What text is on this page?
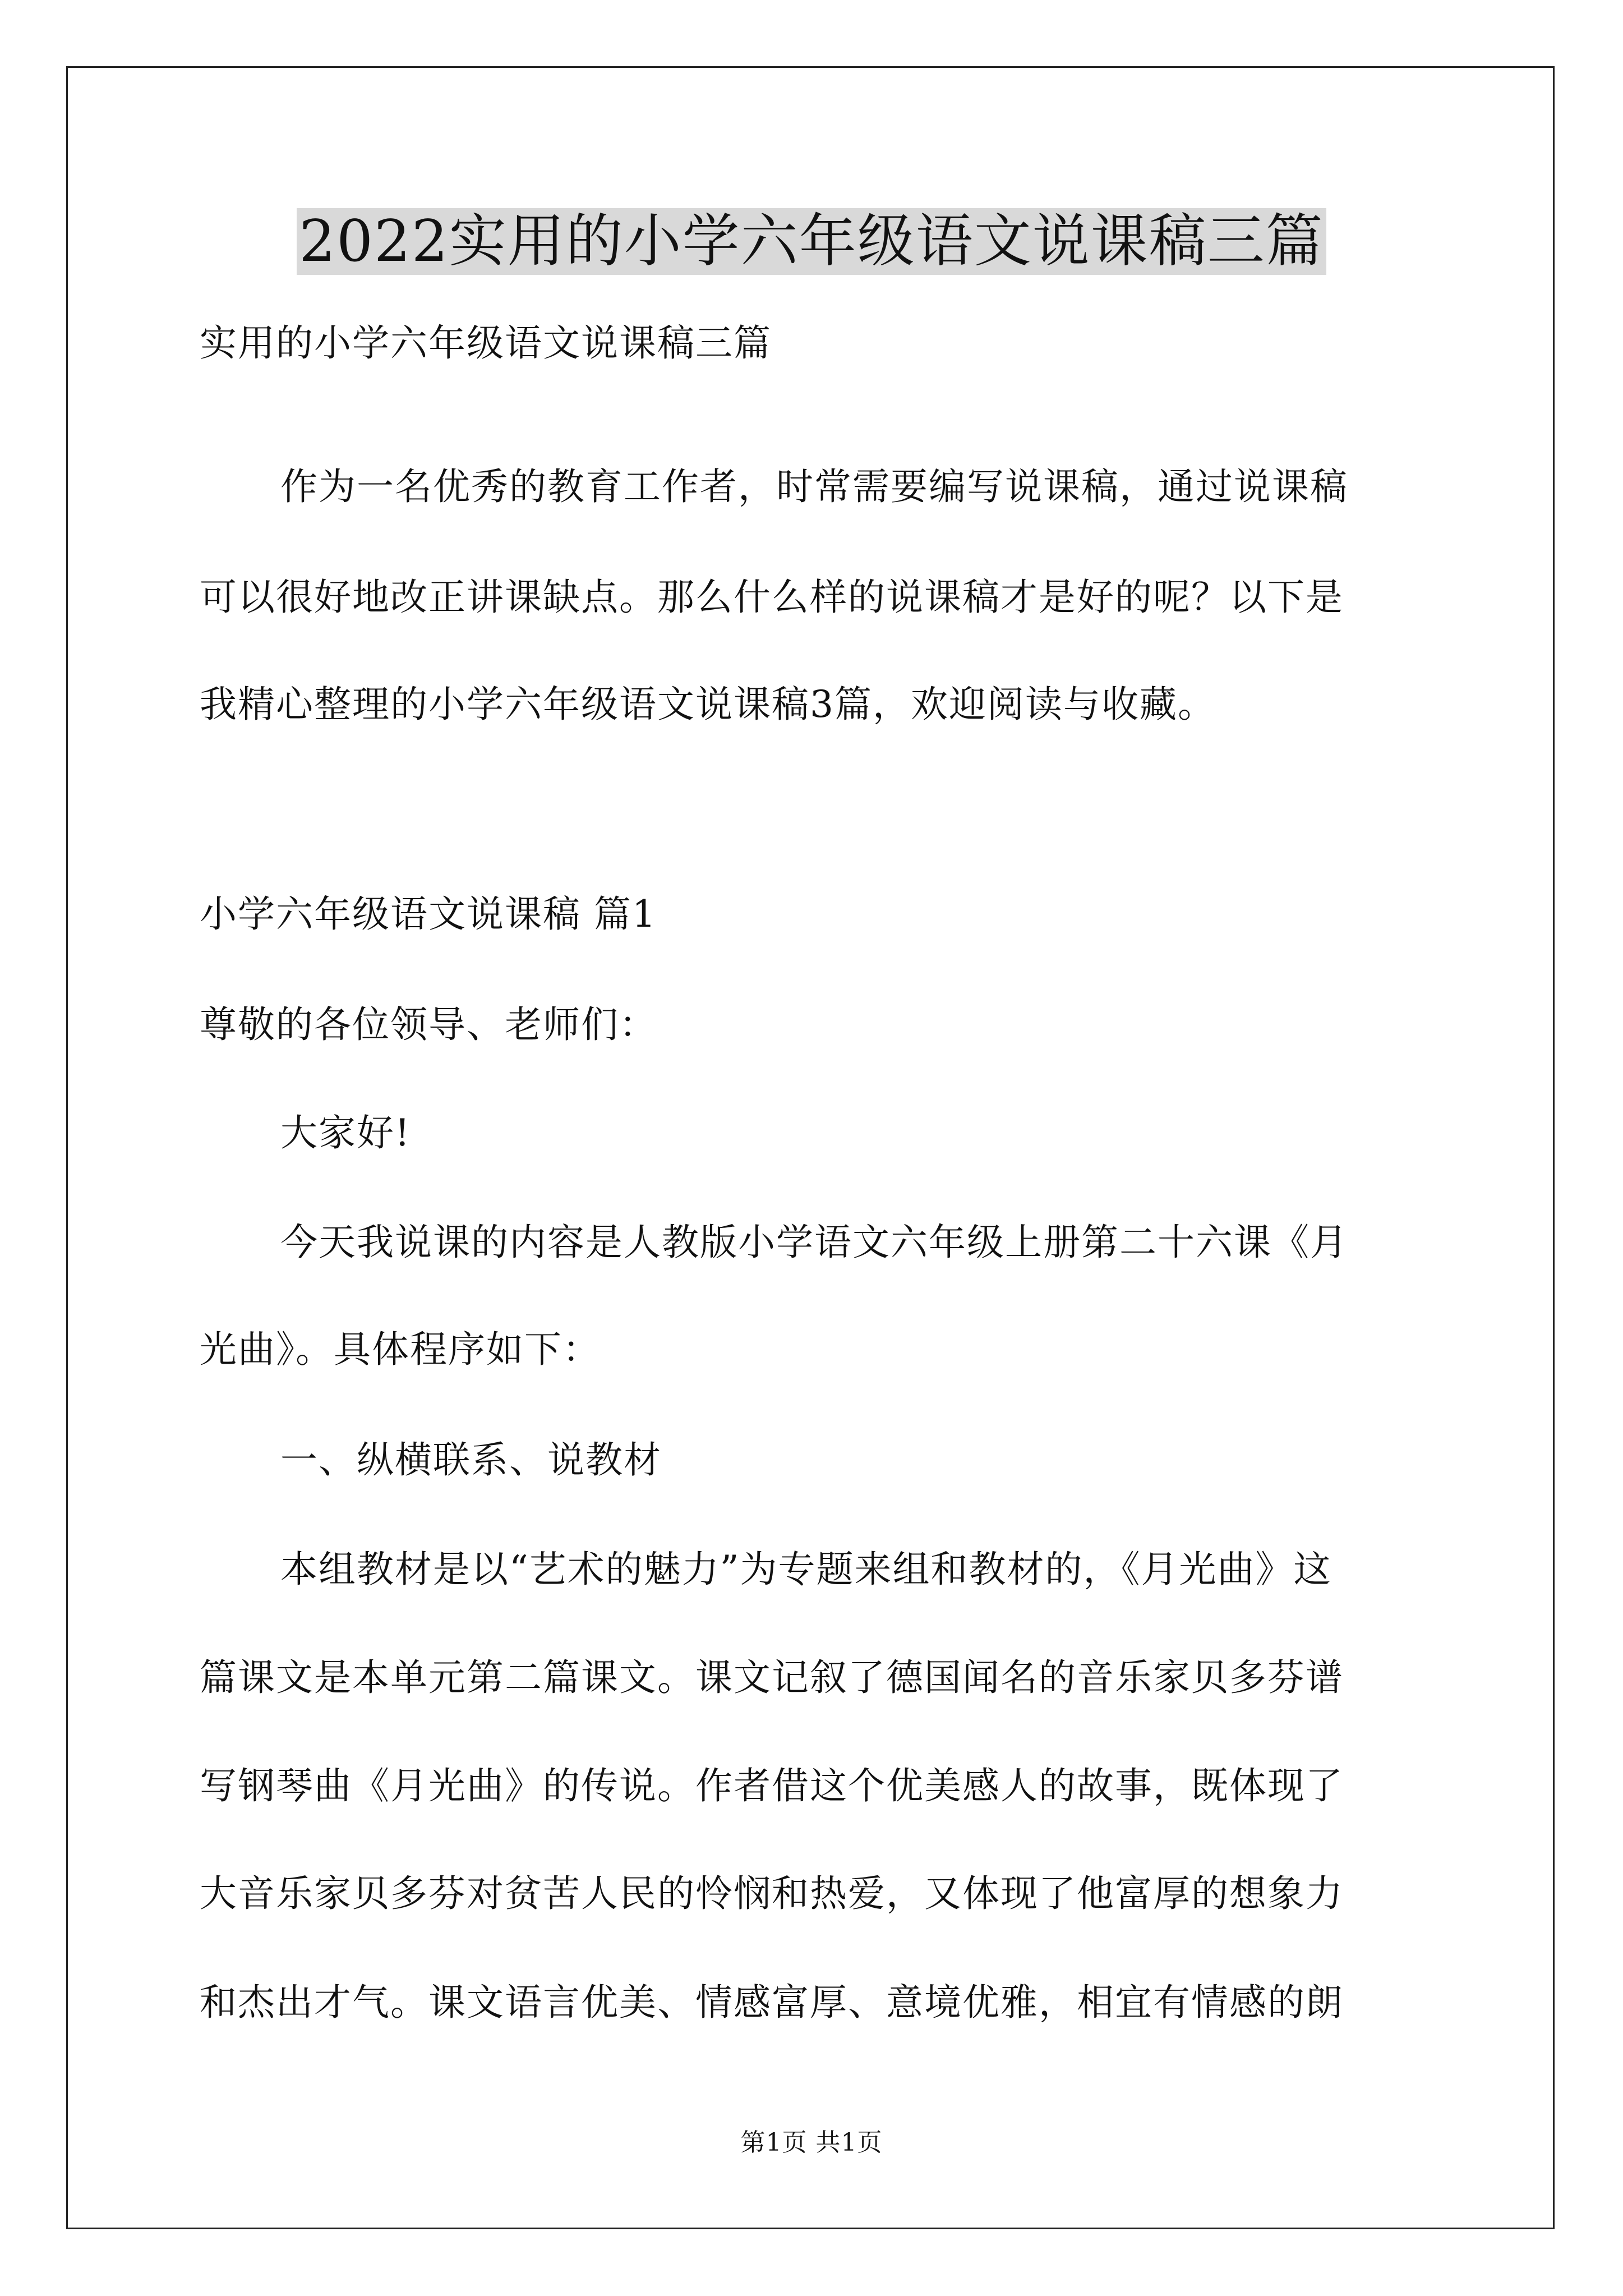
2022实用的小学六年级语文说课稿三篇
实用的小学六年级语文说课稿三篇
作为一名优秀的教育工作者，时常需要编写说课稿，通过说课稿
可以很好地改正讲课缺点。那么什么样的说课稿才是好的呢？以下是
我精心整理的小学六年级语文说课稿3篇，欢迎阅读与收藏。
小学六年级语文说课稿 篇1
尊敬的各位领导、老师们：
大家好!
今天我说课的内容是人教版小学语文六年级上册第二十六课《月
光曲》。具体程序如下：
一、纵横联系、说教材
本组教材是以“艺术的魅力”为专题来组和教材的，《月光曲》这
篇课文是本单元第二篇课文。课文记叙了德国闻名的音乐家贝多芬谱
写钢琴曲《月光曲》的传说。作者借这个优美感人的故事，既体现了
大音乐家贝多芬对贫苦人民的怜悯和热爱，又体现了他富厚的想象力
和杰出才气。课文语言优美、情感富厚、意境优雅，相宜有情感的朗
第1页 共1页
